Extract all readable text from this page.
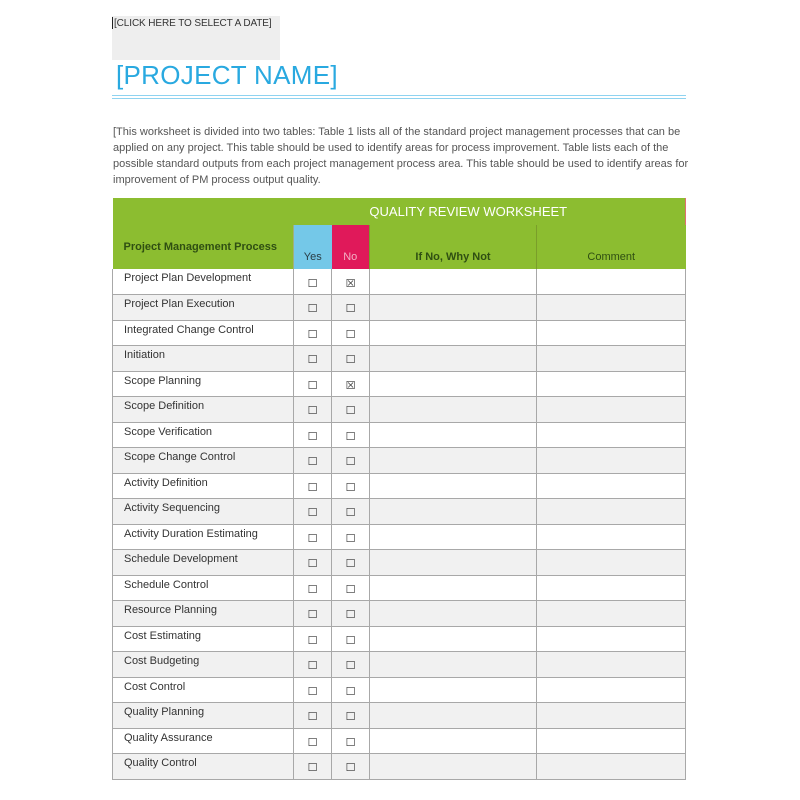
[CLICK HERE TO SELECT A DATE]
[PROJECT NAME]

[This worksheet is divided into two tables: Table 1 lists all of the standard project management processes that can be applied on any project. This table should be used to identify areas for process improvement. Table lists each of the possible standard outputs from each project management process area. This table should be used to identify areas for improvement of PM process output quality.

QUALITY REVIEW WORKSHEET				
Project Management Process	Yes	No	If No, Why Not	Comment
Project Plan Development	☐	☒		
Project Plan Execution	☐	☐		
Integrated Change Control	☐	☐		
Initiation	☐	☐		
Scope Planning	☐	☒		
Scope Definition	☐	☐		
Scope Verification	☐	☐		
Scope Change Control	☐	☐		
Activity Definition	☐	☐		
Activity Sequencing	☐	☐		
Activity Duration Estimating	☐	☐		
Schedule Development	☐	☐		
Schedule Control	☐	☐		
Resource Planning	☐	☐		
Cost Estimating	☐	☐		
Cost Budgeting	☐	☐		
Cost Control	☐	☐		
Quality Planning	☐	☐		
Quality Assurance	☐	☐		
Quality Control	☐	☐		
